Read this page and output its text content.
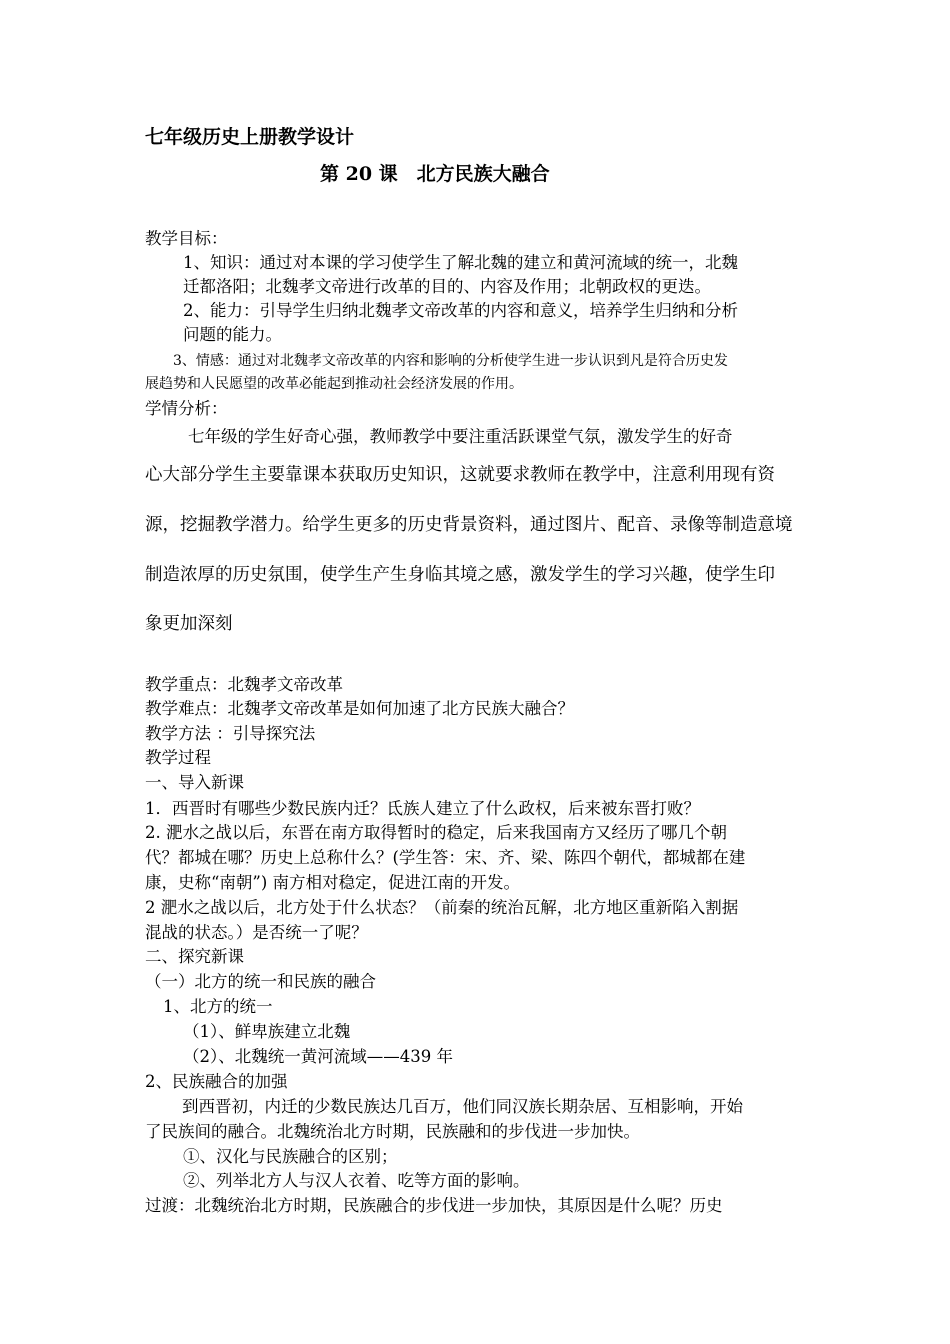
七年级历史上册教学设计
第 20 课　北方民族大融合
教学目标：
1、知识：通过对本课的学习使学生了解北魏的建立和黄河流域的统一，北魏
迁都洛阳；北魏孝文帝进行改革的目的、内容及作用；北朝政权的更迭。
2、能力：引导学生归纳北魏孝文帝改革的内容和意义，培养学生归纳和分析
问题的能力。
3、情感：通过对北魏孝文帝改革的内容和影响的分析使学生进一步认识到凡是符合历史发
展趋势和人民愿望的改革必能起到推动社会经济发展的作用。
学情分析：
七年级的学生好奇心强，教师教学中要注重活跃课堂气氛，激发学生的好奇
心大部分学生主要靠课本获取历史知识，这就要求教师在教学中，注意利用现有资
源，挖掘教学潜力。给学生更多的历史背景资料，通过图片、配音、录像等制造意境
制造浓厚的历史氛围，使学生产生身临其境之感，激发学生的学习兴趣，使学生印
象更加深刻
教学重点：北魏孝文帝改革
教学难点：北魏孝文帝改革是如何加速了北方民族大融合？
教学方法 ：引导探究法
教学过程
一、导入新课
1．西晋时有哪些少数民族内迁？氐族人建立了什么政权，后来被东晋打败？
2. 淝水之战以后，东晋在南方取得暂时的稳定，后来我国南方又经历了哪几个朝
代？都城在哪？历史上总称什么？(学生答：宋、齐、梁、陈四个朝代，都城都在建
康，史称“南朝”) 南方相对稳定，促进江南的开发。
2 淝水之战以后，北方处于什么状态？（前秦的统治瓦解，北方地区重新陷入割据
混战的状态。）是否统一了呢？
二、探究新课
（一）北方的统一和民族的融合
1、北方的统一
（1）、鲜卑族建立北魏
（2）、北魏统一黄河流域——439 年
2、民族融合的加强
到西晋初，内迁的少数民族达几百万，他们同汉族长期杂居、互相影响，开始
了民族间的融合。北魏统治北方时期，民族融和的步伐进一步加快。
①、汉化与民族融合的区别；
②、列举北方人与汉人衣着、吃等方面的影响。
过渡：北魏统治北方时期，民族融合的步伐进一步加快，其原因是什么呢？历史
